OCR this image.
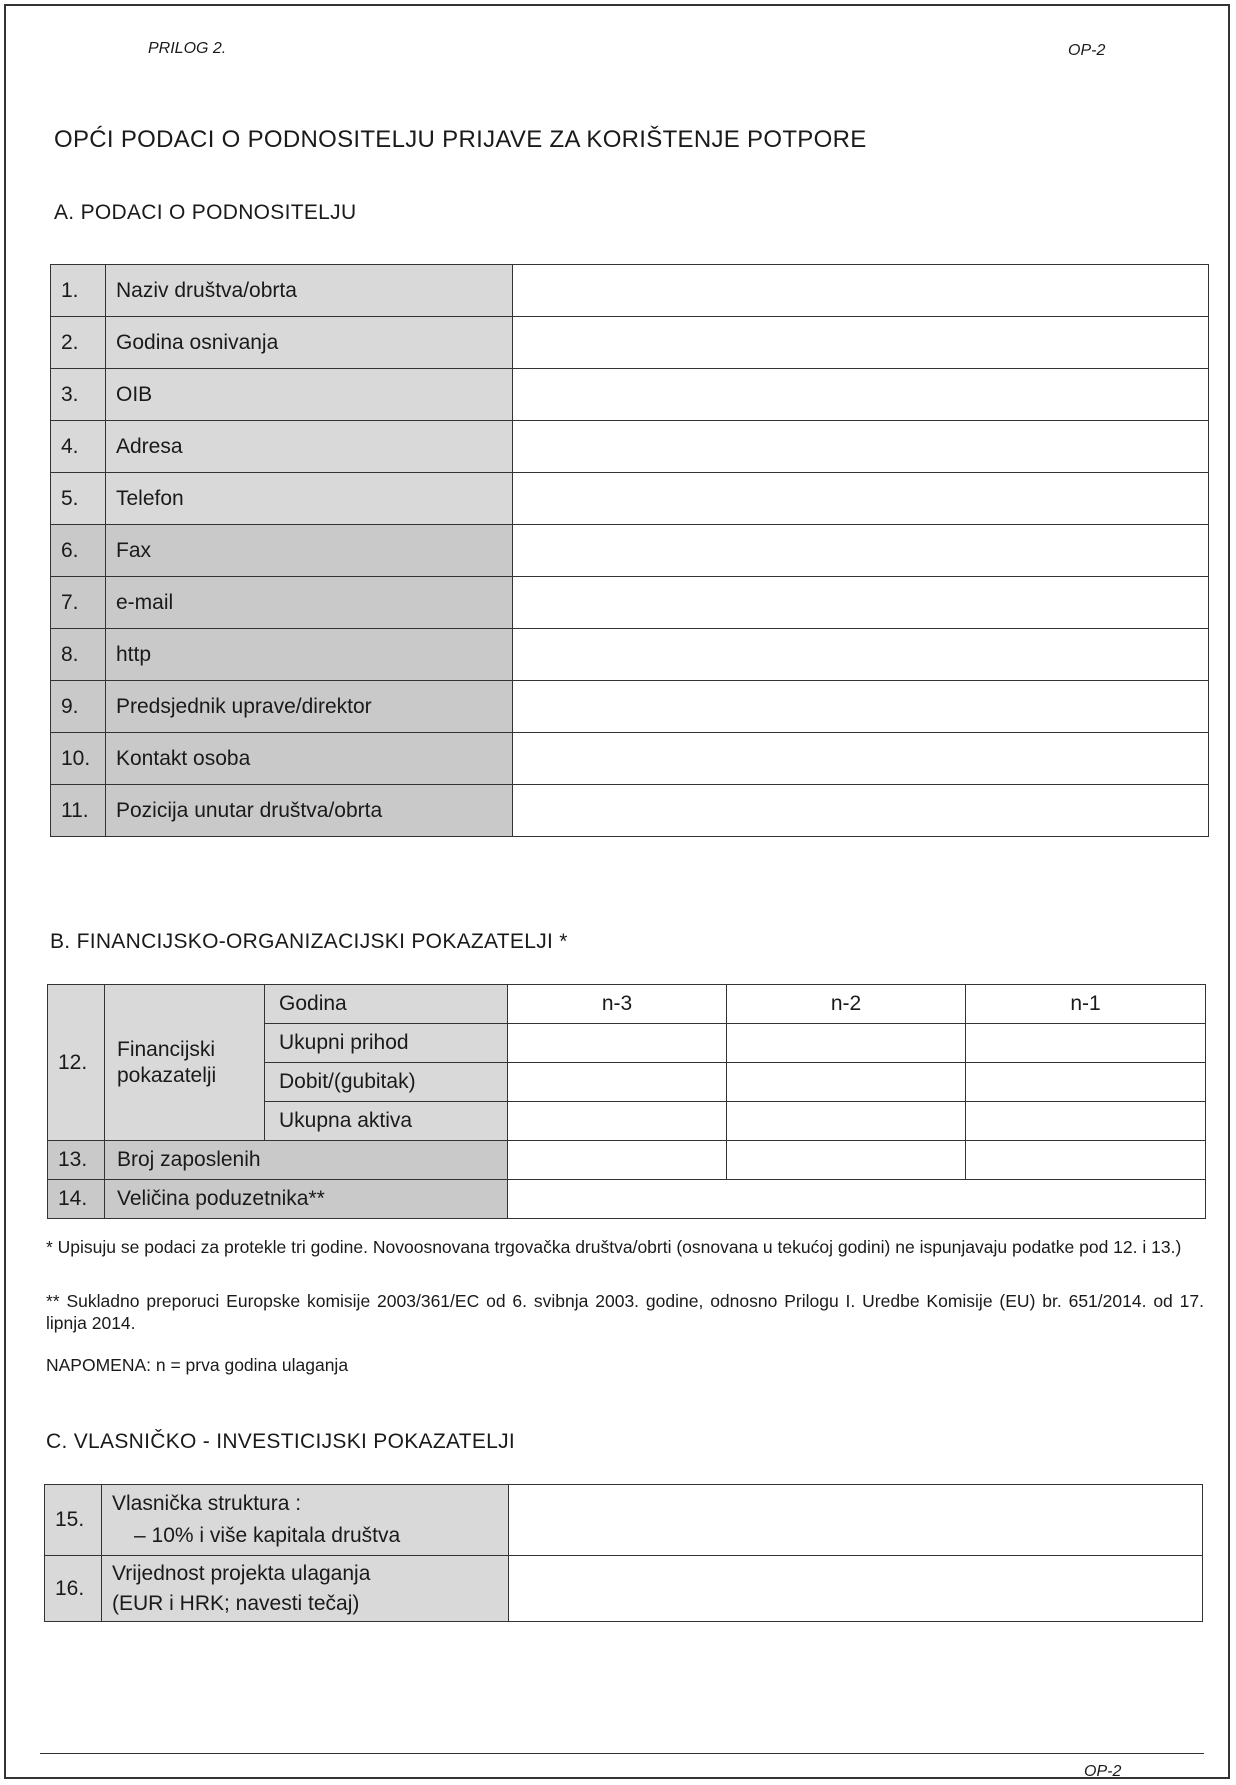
PRILOG 2.	OP-2
OPĆI PODACI O PODNOSITELJU PRIJAVE ZA KORIŠTENJE POTPORE
A. PODACI O PODNOSITELJU
1.	Naziv društva/obrta	
2.	Godina osnivanja	
3.	OIB	
4.	Adresa	
5.	Telefon	
6.	Fax	
7.	e-mail	
8.	http	
9.	Predsjednik uprave/direktor	
10.	Kontakt osoba	
11.	Pozicija unutar društva/obrta	
B. FINANCIJSKO-ORGANIZACIJSKI POKAZATELJI *
12.	Financijski pokazatelji	Godina	n-3	n-2	n-1
		Ukupni prihod			
		Dobit/(gubitak)			
		Ukupna aktiva			
13.	Broj zaposlenih				
14.	Veličina poduzetnika**				
* Upisuju se podaci za protekle tri godine. Novoosnovana trgovačka društva/obrti (osnovana u tekućoj godini) ne ispunjavaju podatke pod 12. i 13.)
** Sukladno preporuci Europske komisije 2003/361/EC od 6. svibnja 2003. godine, odnosno Prilogu I. Uredbe Komisije (EU) br. 651/2014. od 17. lipnja 2014.
NAPOMENA: n = prva godina ulaganja
C. VLASNIČKO - INVESTICIJSKI POKAZATELJI
15.	Vlasnička struktura :
– 10% i više kapitala društva	

16.	Vrijednost projekta ulaganja
(EUR i HRK; navesti tečaj)	

OP-2
